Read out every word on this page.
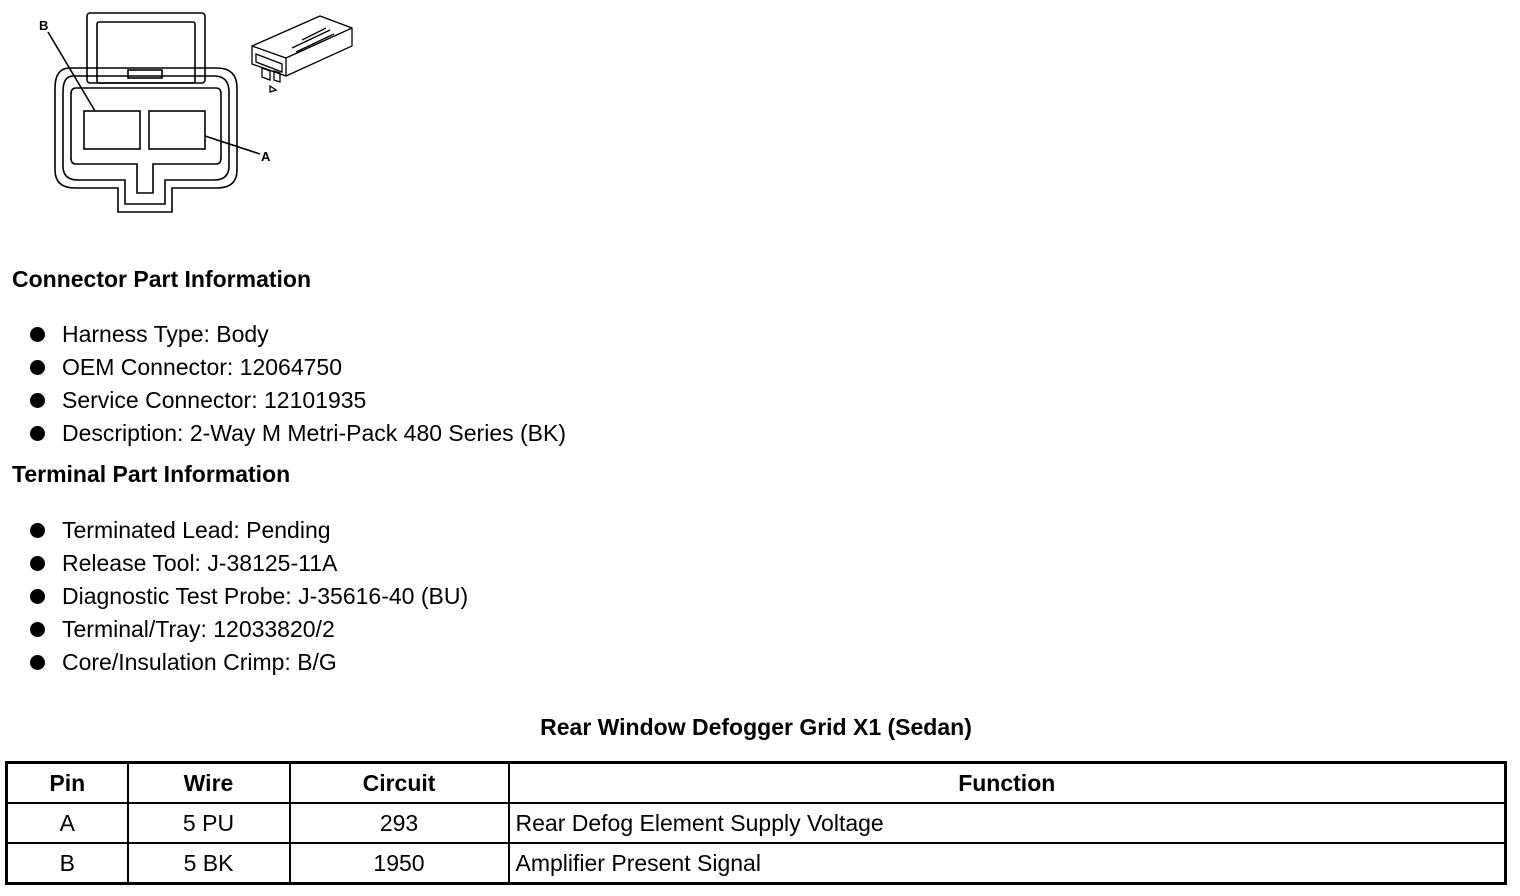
B
A
Connector Part Information
Harness Type: Body
OEM Connector: 12064750
Service Connector: 12101935
Description: 2-Way M Metri-Pack 480 Series (BK)
Terminal Part Information
Terminated Lead: Pending
Release Tool: J-38125-11A
Diagnostic Test Probe: J-35616-40 (BU)
Terminal/Tray: 12033820/2
Core/Insulation Crimp: B/G
Rear Window Defogger Grid X1 (Sedan)
Pin	Wire	Circuit	Function
A	5 PU	293	Rear Defog Element Supply Voltage
B	5 BK	1950	Amplifier Present Signal
